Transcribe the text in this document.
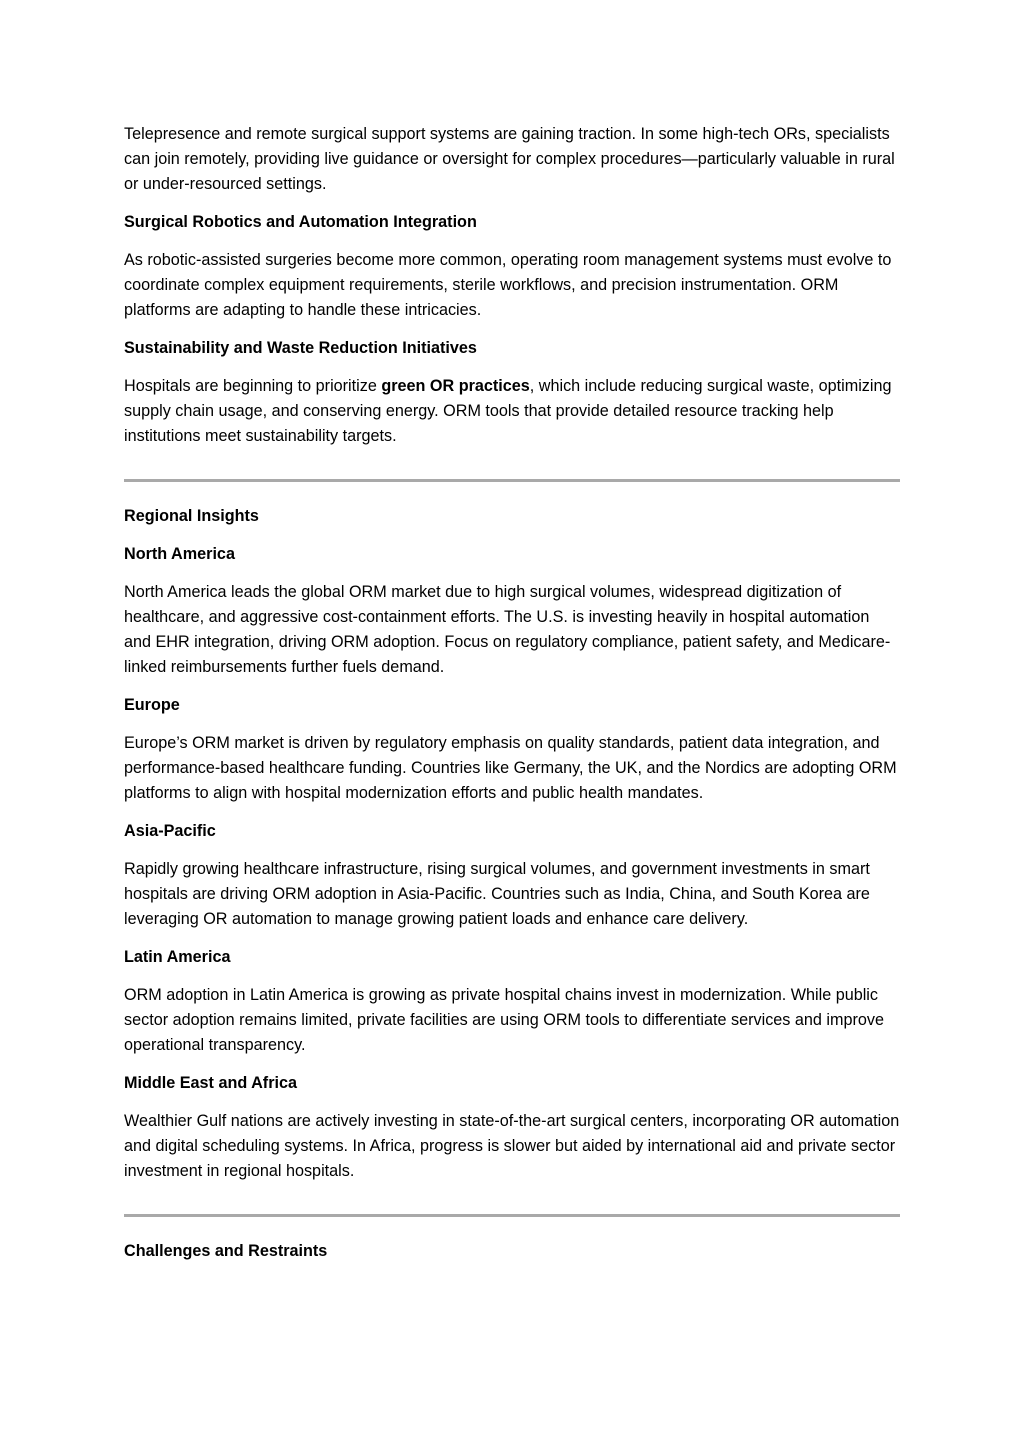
Telepresence and remote surgical support systems are gaining traction. In some high-tech ORs, specialists can join remotely, providing live guidance or oversight for complex procedures—particularly valuable in rural or under-resourced settings.

Surgical Robotics and Automation Integration

As robotic-assisted surgeries become more common, operating room management systems must evolve to coordinate complex equipment requirements, sterile workflows, and precision instrumentation. ORM platforms are adapting to handle these intricacies.

Sustainability and Waste Reduction Initiatives

Hospitals are beginning to prioritize green OR practices, which include reducing surgical waste, optimizing supply chain usage, and conserving energy. ORM tools that provide detailed resource tracking help institutions meet sustainability targets.

Regional Insights

North America

North America leads the global ORM market due to high surgical volumes, widespread digitization of healthcare, and aggressive cost-containment efforts. The U.S. is investing heavily in hospital automation and EHR integration, driving ORM adoption. Focus on regulatory compliance, patient safety, and Medicare-linked reimbursements further fuels demand.

Europe

Europe’s ORM market is driven by regulatory emphasis on quality standards, patient data integration, and performance-based healthcare funding. Countries like Germany, the UK, and the Nordics are adopting ORM platforms to align with hospital modernization efforts and public health mandates.

Asia-Pacific

Rapidly growing healthcare infrastructure, rising surgical volumes, and government investments in smart hospitals are driving ORM adoption in Asia-Pacific. Countries such as India, China, and South Korea are leveraging OR automation to manage growing patient loads and enhance care delivery.

Latin America

ORM adoption in Latin America is growing as private hospital chains invest in modernization. While public sector adoption remains limited, private facilities are using ORM tools to differentiate services and improve operational transparency.

Middle East and Africa

Wealthier Gulf nations are actively investing in state-of-the-art surgical centers, incorporating OR automation and digital scheduling systems. In Africa, progress is slower but aided by international aid and private sector investment in regional hospitals.

Challenges and Restraints
